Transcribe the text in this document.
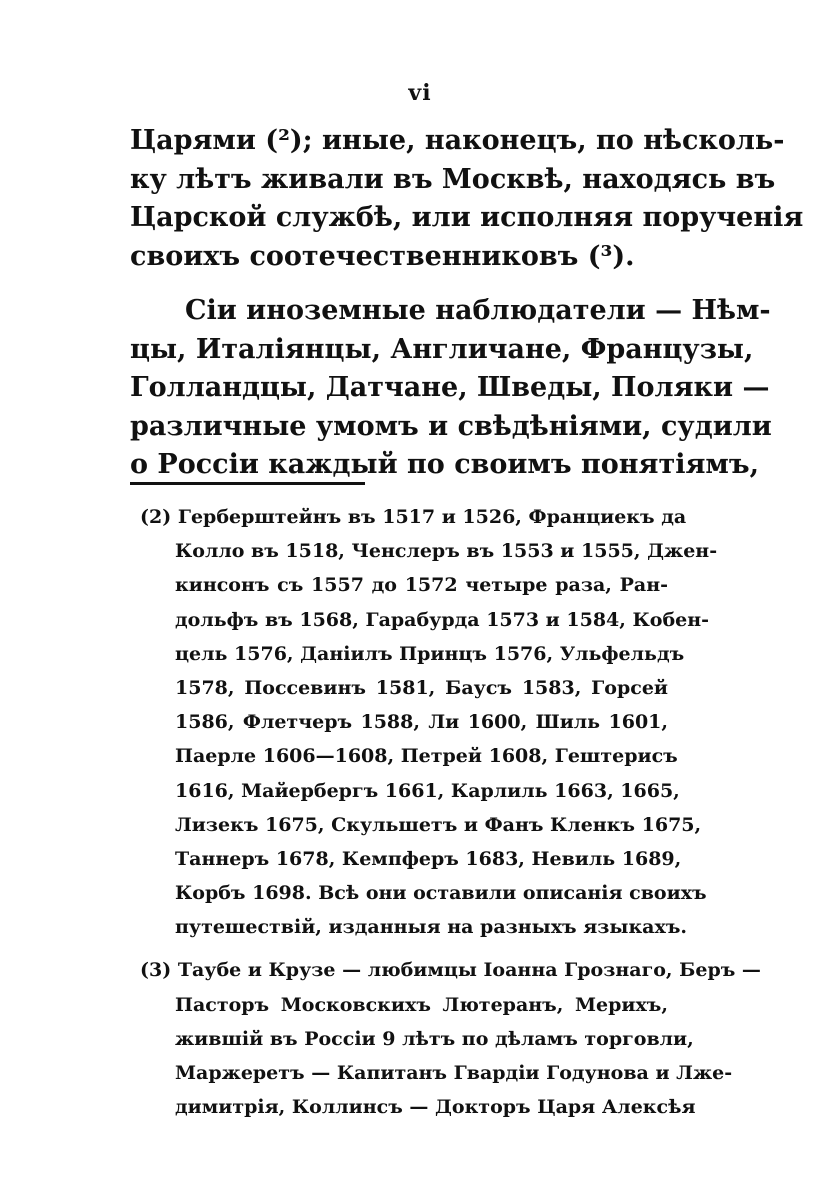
vi
Царями (²); иные, наконецъ, по нѣсколь-
ку лѣтъ живали въ Москвѣ, находясь въ
Царской службѣ, или исполняя порученія
своихъ соотечественниковъ (³).
Сіи иноземные наблюдатели — Нѣм-
цы, Италіянцы, Англичане, Французы,
Голландцы, Датчане, Шведы, Поляки —
различные умомъ и свѣдѣніями, судили
о Россіи каждый по своимъ понятіямъ,
(2) Герберштейнъ въ 1517 и 1526, Франциекъ да
Колло въ 1518, Ченслеръ въ 1553 и 1555, Джен-
кинсонъ съ 1557 до 1572 четыре раза, Ран-
дольфъ въ 1568, Гарабурда 1573 и 1584, Кобен-
цель 1576, Даніилъ Принцъ 1576, Ульфельдъ
1578, Поссевинъ 1581, Баусъ 1583, Горсей
1586, Флетчеръ 1588, Ли 1600, Шиль 1601,
Паерле 1606—1608, Петрей 1608, Гештерисъ
1616, Майербергъ 1661, Карлиль 1663, 1665,
Лизекъ 1675, Скульшетъ и Фанъ Кленкъ 1675,
Таннеръ 1678, Кемпферъ 1683, Невиль 1689,
Корбъ 1698. Всѣ они оставили описанія своихъ
путешествій, изданныя на разныхъ языкахъ.
(3) Таубе и Крузе — любимцы Іоанна Грознаго, Беръ —
Пасторъ Московскихъ Лютеранъ, Мерихъ,
жившій въ Россіи 9 лѣтъ по дѣламъ торговли,
Маржеретъ — Капитанъ Гвардіи Годунова и Лже-
димитрія, Коллинсъ — Докторъ Царя Алексѣя
